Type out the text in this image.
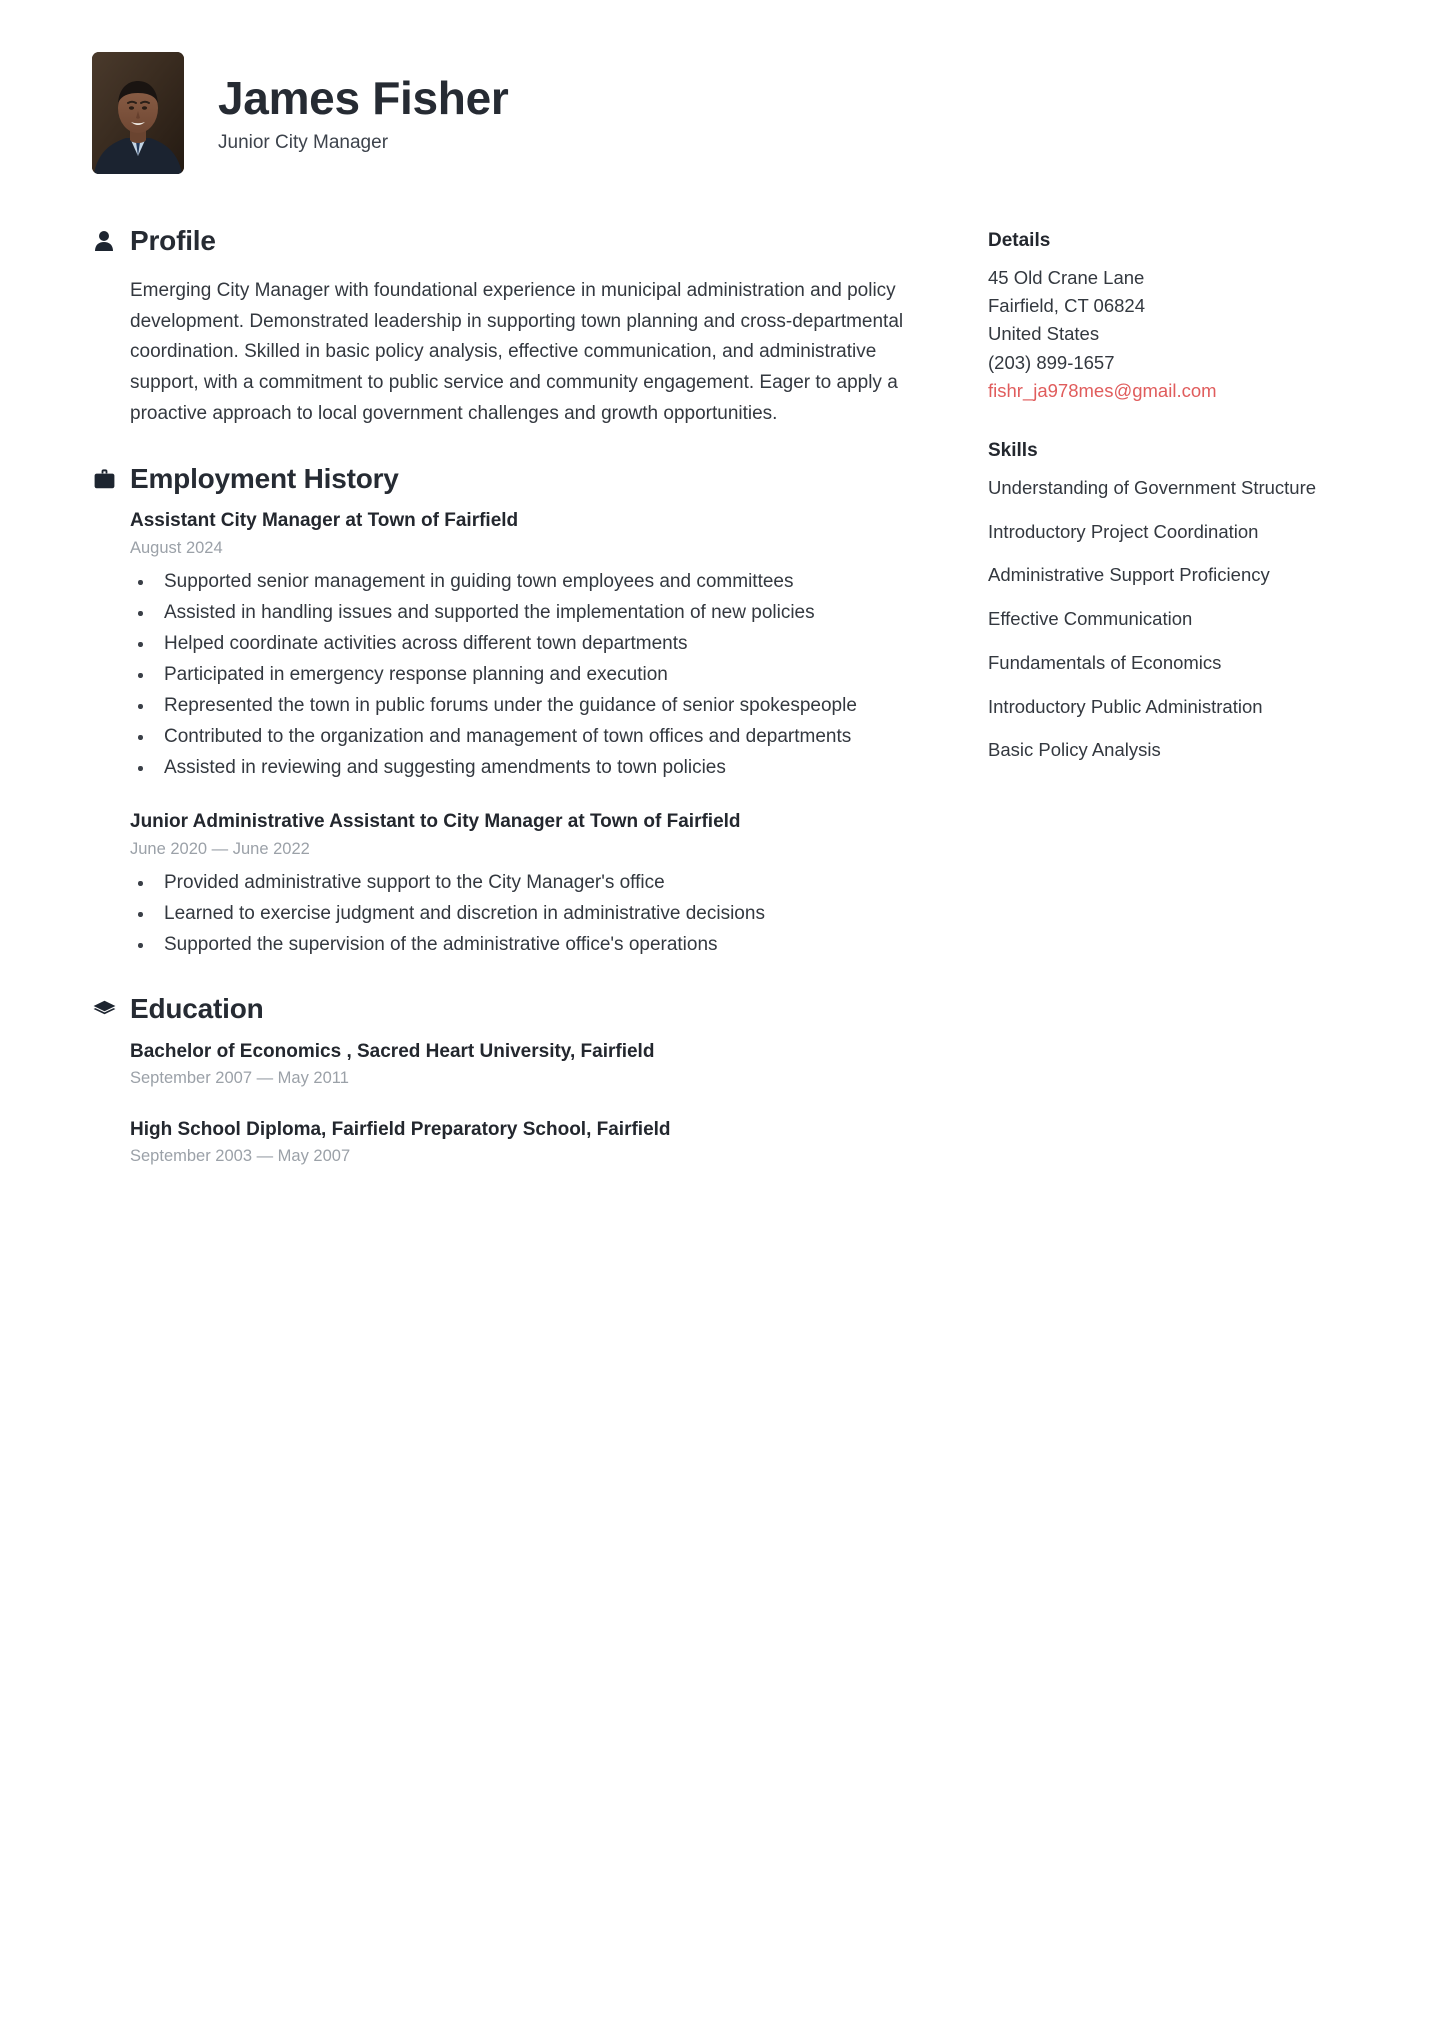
James Fisher

Junior City Manager

Profile

Emerging City Manager with foundational experience in municipal administration and policy development. Demonstrated leadership in supporting town planning and cross-departmental coordination. Skilled in basic policy analysis, effective communication, and administrative support, with a commitment to public service and community engagement. Eager to apply a proactive approach to local government challenges and growth opportunities.

Employment History
Assistant City Manager at Town of Fairfield
August 2024
Supported senior management in guiding town employees and committees
Assisted in handling issues and supported the implementation of new policies
Helped coordinate activities across different town departments
Participated in emergency response planning and execution
Represented the town in public forums under the guidance of senior spokespeople
Contributed to the organization and management of town offices and departments
Assisted in reviewing and suggesting amendments to town policies
Junior Administrative Assistant to City Manager at Town of Fairfield
June 2020 — June 2022
Provided administrative support to the City Manager's office
Learned to exercise judgment and discretion in administrative decisions
Supported the supervision of the administrative office's operations
Education
Bachelor of Economics , Sacred Heart University, Fairfield
September 2007 — May 2011
High School Diploma, Fairfield Preparatory School, Fairfield
September 2003 — May 2007
Details
45 Old Crane Lane
Fairfield, CT 06824
United States
(203) 899-1657
fishr_ja978mes@gmail.com
Skills
Understanding of Government Structure
Introductory Project Coordination
Administrative Support Proficiency
Effective Communication
Fundamentals of Economics
Introductory Public Administration
Basic Policy Analysis
